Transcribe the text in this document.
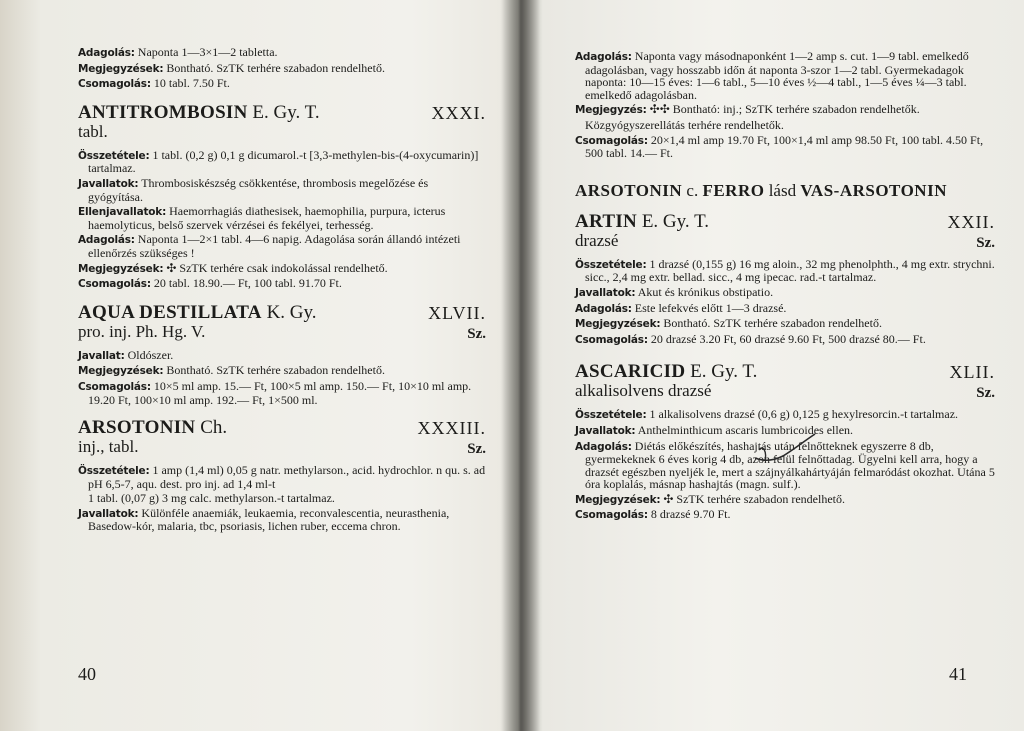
Adagolás: Naponta 1—3×1—2 tabletta.

Megjegyzések: Bontható. SzTK terhére szabadon rendelhető.

Csomagolás: 10 tabl. 7.50 Ft.

ANTITROMBOSIN E. Gy. T.	XXXI.
tabl.

Összetétele: 1 tabl. (0,2 g) 0,1 g dicumarol.-t [3,3-methylen-bis-(4-oxycumarin)] tartalmaz.

Javallatok: Thrombosiskészség csökkentése, thrombosis megelőzése és gyógyítása.

Ellenjavallatok: Haemorrhagiás diathesisek, haemophilia, purpura, icterus haemolyticus, belső szervek vérzései és fekélyei, terhesség.

Adagolás: Naponta 1—2×1 tabl. 4—6 napig. Adagolása során állandó intézeti ellenőrzés szükséges !

Megjegyzések: ✣ SzTK terhére csak indokolással rendelhető.

Csomagolás: 20 tabl. 18.90.— Ft, 100 tabl. 91.70 Ft.

AQUA DESTILLATA K. Gy.	XLVII.
pro. inj. Ph. Hg. V.	Sz.

Javallat: Oldószer.

Megjegyzések: Bontható. SzTK terhére szabadon rendelhető.

Csomagolás: 10×5 ml amp. 15.— Ft, 100×5 ml amp. 150.— Ft, 10×10 ml amp. 19.20 Ft, 100×10 ml amp. 192.— Ft, 1×500 ml.

ARSOTONIN Ch.	XXXIII.
inj., tabl.	Sz.

Összetétele: 1 amp (1,4 ml) 0,05 g natr. methylarson., acid. hydrochlor. n qu. s. ad pH 6,5-7, aqu. dest. pro inj. ad 1,4 ml-t

1 tabl. (0,07 g) 3 mg calc. methylarson.-t tartalmaz.

Javallatok: Különféle anaemiák, leukaemia, reconvalescentia, neurasthenia, Basedow-kór, malaria, tbc, psoriasis, lichen ruber, eccema chron.

40

Adagolás: Naponta vagy másodnaponként 1—2 amp s. cut. 1—9 tabl. emelkedő adagolásban, vagy hosszabb időn át naponta 3-szor 1—2 tabl. Gyermekadagok naponta: 10—15 éves: 1—6 tabl., 5—10 éves ½—4 tabl., 1—5 éves ¼—3 tabl. emelkedő adagolásban.

Megjegyzés: ✣✣ Bontható: inj.; SzTK terhére szabadon rendelhetők.

Közgyógyszerellátás terhére rendelhetők.

Csomagolás: 20×1,4 ml amp 19.70 Ft, 100×1,4 ml amp 98.50 Ft, 100 tabl. 4.50 Ft, 500 tabl. 14.— Ft.

ARSOTONIN c. FERRO lásd VAS-ARSOTONIN
ARTIN E. Gy. T.	XXII.
drazsé	Sz.

Összetétele: 1 drazsé (0,155 g) 16 mg aloin., 32 mg phenolphth., 4 mg extr. strychni. sicc., 2,4 mg extr. bellad. sicc., 4 mg ipecac. rad.-t tartalmaz.

Javallatok: Akut és krónikus obstipatio.

Adagolás: Este lefekvés előtt 1—3 drazsé.

Megjegyzések: Bontható. SzTK terhére szabadon rendelhető.

Csomagolás: 20 drazsé 3.20 Ft, 60 drazsé 9.60 Ft, 500 drazsé 80.— Ft.

ASCARICID E. Gy. T.	XLII.
alkalisolvens drazsé	Sz.

Összetétele: 1 alkalisolvens drazsé (0,6 g) 0,125 g hexylresorcin.-t tartalmaz.

Javallatok: Anthelminthicum ascaris lumbricoides ellen.

Adagolás: Diétás előkészítés, hashajtás után felnőtteknek egyszerre 8 db, gyermekeknek 6 éves korig 4 db, azon felül felnőttadag. Ügyelni kell arra, hogy a drazsét egészben nyeljék le, mert a szájnyálkahártyáján felmaródást okozhat. Utána 5 óra koplalás, másnap hashajtás (magn. sulf.).

Megjegyzések: ✣ SzTK terhére szabadon rendelhető.

Csomagolás: 8 drazsé 9.70 Ft.

41
